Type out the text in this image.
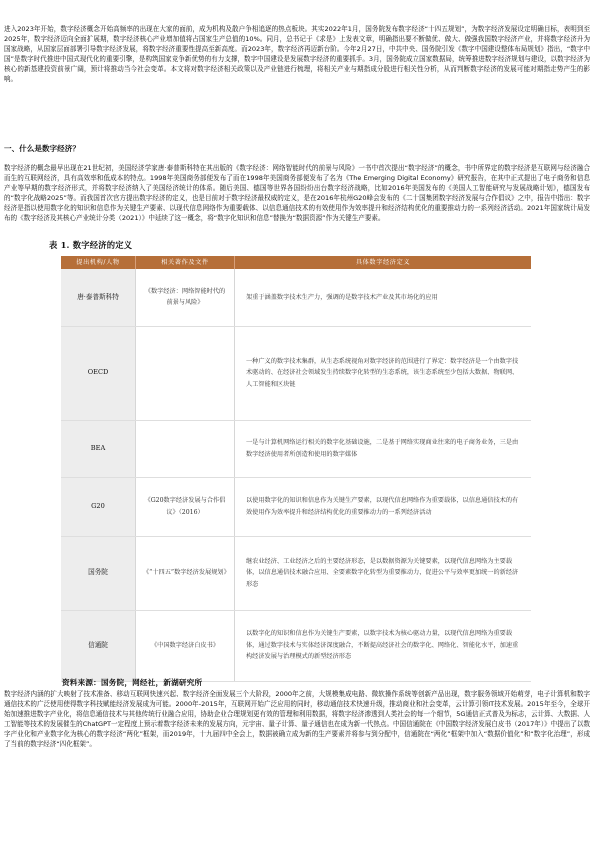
进入2023年开始，数字经济概念开始高频率的出现在大家的面前，成为机构及散户争相追逐的热点板块。其实2022年1月，国务院发布数字经济“十四五规划”，为数字经济发展设定明确目标，表明到至2025年，数字经济迈向全面扩展期，数字经济核心产业增加值将占国家生产总值的10%。同月，总书记于《求是》上发表文章，明确指出要不断做优、做大、做强我国数字经济产业，并将数字经济升为国家战略，从国家层面部署引导数字经济发展，将数字经济重要性提高至新高度。而2023年，数字经济再迈新台阶。今年2月27日，中共中央、国务院引发《数字中国建设整体布局规划》指出，“数字中国”是数字时代推进中国式现代化的重要引擎，是构筑国家竞争新优势的有力支撑，数字中国建设是发展数字经济的重要抓手。3月，国务院成立国家数据局，统筹推进数字经济规划与建设，以数字经济为核心的新基建投资前景广阔，预计将推动当今社会变革。本文将对数字经济相关政策以及产业链进行梳理，将相关产业与期指成分股进行相关性分析，从而判断数字经济的发展可能对期指走势产生的影响。

一、什么是数字经济？

数字经济的概念最早出现在21世纪初，美国经济学家唐·泰普斯科特在其出版的《数字经济：网络智能时代的前景与风险》一书中首次提出“数字经济”的概念，书中所界定的数字经济是互联网与经济融合而生的互联网经济，具有高效率和低成本的特点。1998年美国商务部便发布了而在1998年美国商务部便发布了名为《The Emerging Digital Economy》研究报告，在其中正式提出了电子商务和信息产业等早期的数字经济形式，并将数字经济纳入了美国经济统计的体系。随后美国、德国等世界各国纷纷出台数字经济战略，比如2016年美国发布的《美国人工智能研究与发展战略计划》，德国发布的“数字化战略2025”等。而我国首次官方提出数字经济的定义，也是目前对于数字经济最权威的定义，是在2016年杭州G20峰会发布的《二十国集团数字经济发展与合作倡议》之中，报告中指出：数字经济是指以使用数字化的知识和信息作为关键生产要素、以现代信息网络作为重要载体、以信息通信技术的有效使用作为效率提升和经济结构优化的重要推动力的一系列经济活动。2021年国家统计局发布的《数字经济及其核心产业统计分类（2021）》中延续了这一概念，将“数字化知识和信息”替换为“数据资源”作为关键生产要素。

表 1. 数字经济的定义
提出机构/人物	相关著作及文件	具体数字经济定义
唐·泰普斯科特	《数字经济：网络智能时代的前景与风险》	架重于涵盖数字技术生产力，强调的是数字技术产业及其市场化的应用
OECD		一种广义的数字技术集群，从生态系统视角对数字经济的范围进行了界定：数字经济是一个由数字技术驱动的、在经济社会领域发生持续数字化转型的生态系统，该生态系统至少包括大数据、物联网、人工智能和区块链
BEA		一是与计算机网络运行相关的数字化基础设施，二是基于网络实现商业往来的电子商务业务，三是由数字经济使用者所创造和使用的数字媒体
G20	《G20数字经济发展与合作倡议》（2016）	以使用数字化的知识和信息作为关键生产要素，以现代信息网络作为重要载体，以信息通信技术的有效使用作为效率提升和经济结构优化的重要推动力的一系列经济活动
国务院	《“十四五”数字经济发展规划》	继农业经济、工业经济之后的主要经济形态，是以数据资源为关键要素，以现代信息网络为主要载体，以信息通信技术融合应用、全要素数字化转型为重要推动力，促进公平与效率更加统一的新经济形态
信通院	《中国数字经济白皮书》	以数字化的知识和信息作为关键生产要素，以数字技术为核心驱动力量，以现代信息网络为重要载体，通过数字技术与实体经济深度融合，不断提高经济社会的数字化、网络化、智能化水平，加速重构经济发展与治理模式的新型经济形态
资料来源：国务院，网经社，新湖研究所

数字经济内涵的扩大映射了技术准备、移动互联网快速兴起、数字经济全面发展三个大阶段，2000年之前，大规模集成电路、微软操作系统等创新产品出现，数字服务领域开始萌芽，电子计算机和数字通信技术的广泛使用使得数字科技赋能经济发展成为可能。2000年-2015年，互联网开始广泛应用的同时，移动通信技术快速升级，推动商业和社会变革，云计算引领IT技术发展。2015年至今，全球开始加速推进数字产业化，将信息通信技术与其他传统行业融合应用，协助企业合理规划更有效的管理和利用数据，将数字经济渗透到人类社会的每一个细节，5G通信正式普及为标志，云计算、大数据、人工智能等技术的发展催生的ChatGPT一定程度上预示着数字经济未来的发展方向，元宇宙、量子计算、量子通信也在成为新一代热点。中国信通院在《中国数字经济发展白皮书（2017年）》中提出了以数字产业化和产业数字化为核心的数字经济“两化”框架，而2019年，十九届四中全会上，数据被确立成为新的生产要素并将参与到分配中，信通院在“两化”框架中加入“数据价值化”和“数字化治理”，形成了当前的数字经济“四化框架”。
